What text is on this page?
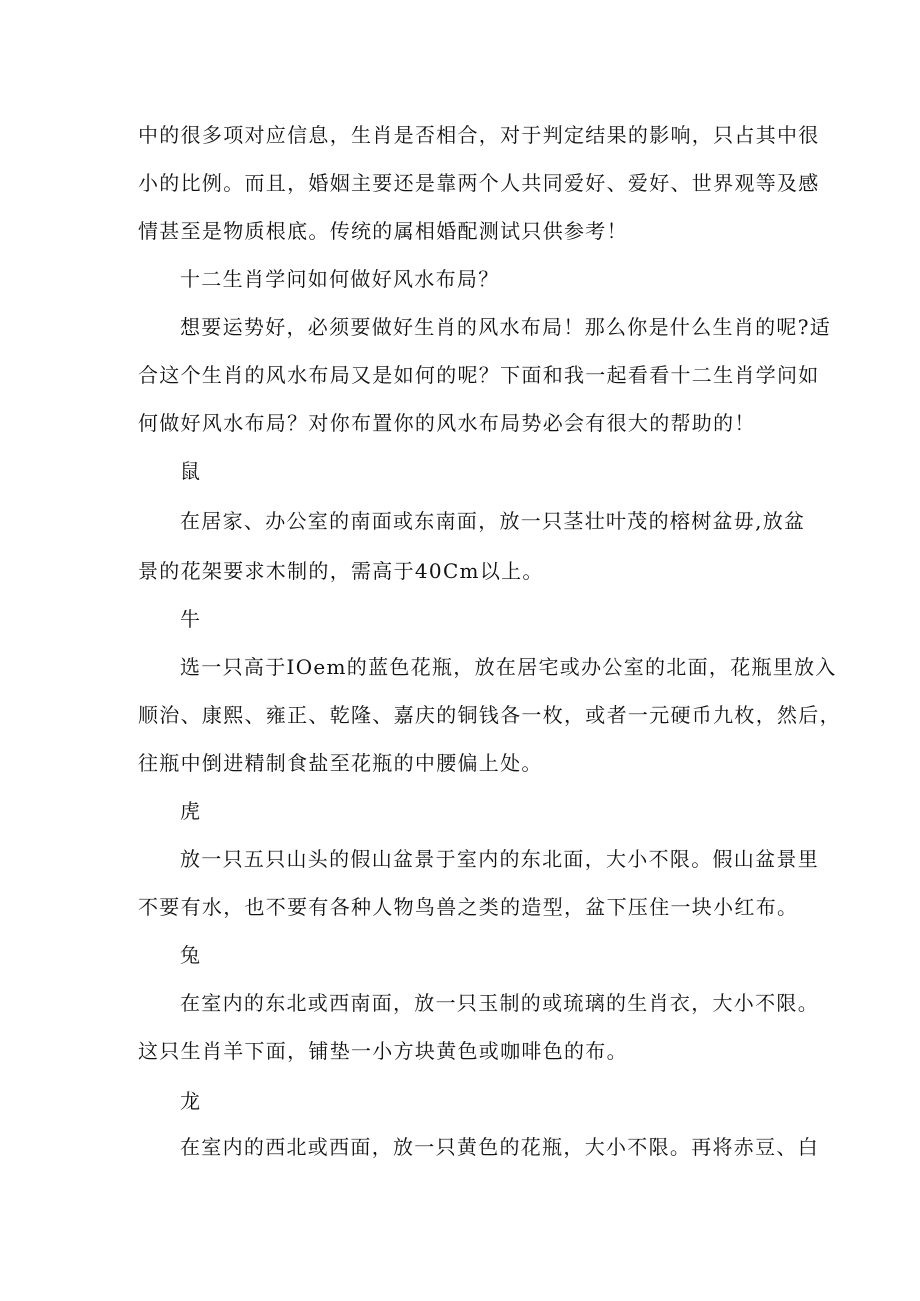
中的很多项对应信息，生肖是否相合，对于判定结果的影响，只占其中很
小的比例。而且，婚姻主要还是靠两个人共同爱好、爱好、世界观等及感
情甚至是物质根底。传统的属相婚配测试只供参考！
十二生肖学问如何做好风水布局？
想要运势好，必须要做好生肖的风水布局！那么你是什么生肖的呢?适
合这个生肖的风水布局又是如何的呢？下面和我一起看看十二生肖学问如
何做好风水布局？对你布置你的风水布局势必会有很大的帮助的！
鼠
在居家、办公室的南面或东南面，放一只茎壮叶茂的榕树盆毋,放盆
景的花架要求木制的，需高于40Cm以上。
牛
选一只高于IOem的蓝色花瓶，放在居宅或办公室的北面，花瓶里放入
顺治、康熙、雍正、乾隆、嘉庆的铜钱各一枚，或者一元硬币九枚，然后，
往瓶中倒进精制食盐至花瓶的中腰偏上处。
虎
放一只五只山头的假山盆景于室内的东北面，大小不限。假山盆景里
不要有水，也不要有各种人物鸟兽之类的造型，盆下压住一块小红布。
兔
在室内的东北或西南面，放一只玉制的或琉璃的生肖衣，大小不限。
这只生肖羊下面，铺垫一小方块黄色或咖啡色的布。
龙
在室内的西北或西面，放一只黄色的花瓶，大小不限。再将赤豆、白
